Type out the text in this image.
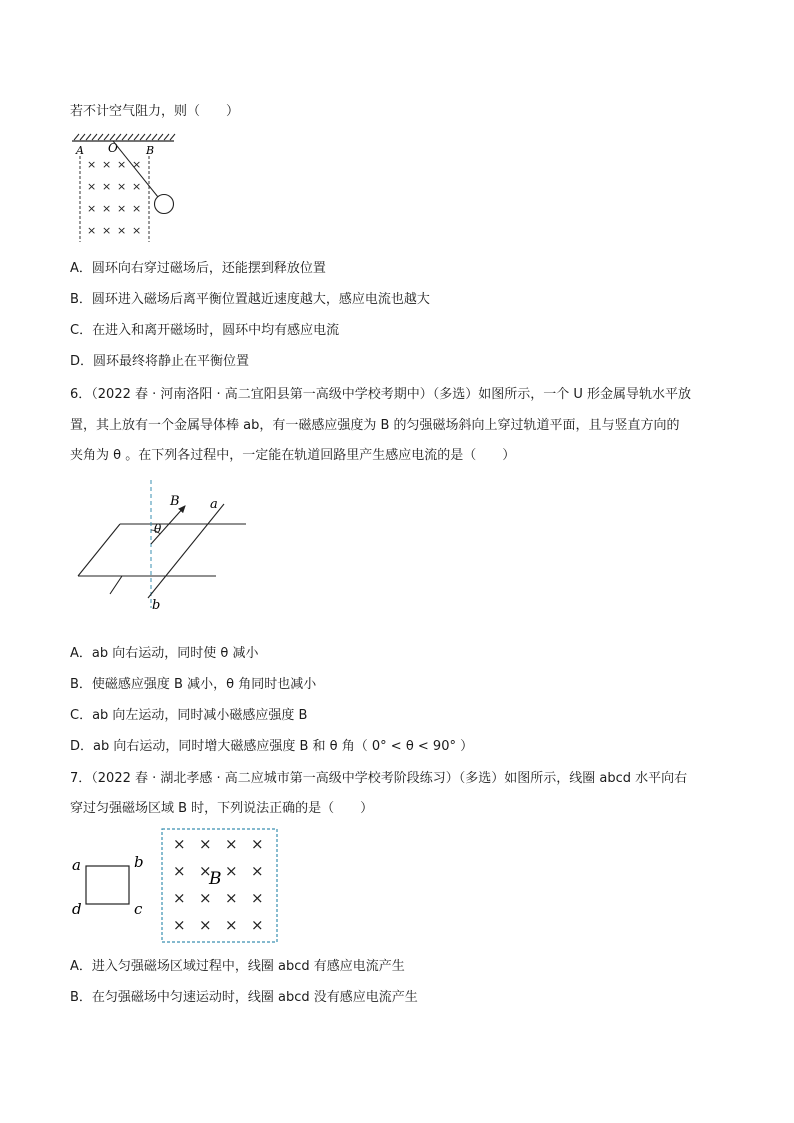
若不计空气阻力，则（　　）
A O	B
× × × ×
× × × ×
× × × ×
× × × ×
A．圆环向右穿过磁场后，还能摆到释放位置
B．圆环进入磁场后离平衡位置越近速度越大，感应电流也越大
C．在进入和离开磁场时，圆环中均有感应电流
D．圆环最终将静止在平衡位置
6．（2022 春 · 河南洛阳 · 高二宜阳县第一高级中学校考期中）（多选）如图所示，一个 U 形金属导轨水平放
置，其上放有一个金属导体棒 ab，有一磁感应强度为 B 的匀强磁场斜向上穿过轨道平面，且与竖直方向的
夹角为 θ 。在下列各过程中，一定能在轨道回路里产生感应电流的是（　　）
B
θ
a
b
A．ab 向右运动，同时使 θ 减小
B．使磁感应强度 B 减小，θ 角同时也减小
C．ab 向左运动，同时减小磁感应强度 B
D．ab 向右运动，同时增大磁感应强度 B 和 θ 角（ 0° < θ < 90° ）
7．（2022 春 · 湖北孝感 · 高二应城市第一高级中学校考阶段练习）（多选）如图所示，线圈 abcd 水平向右
穿过匀强磁场区域 B 时，下列说法正确的是（　　）
a	b
c
d
× × × ×
× × × ×
× × × ×
× × × ×
B
A．进入匀强磁场区域过程中，线圈 abcd 有感应电流产生
B．在匀强磁场中匀速运动时，线圈 abcd 没有感应电流产生
